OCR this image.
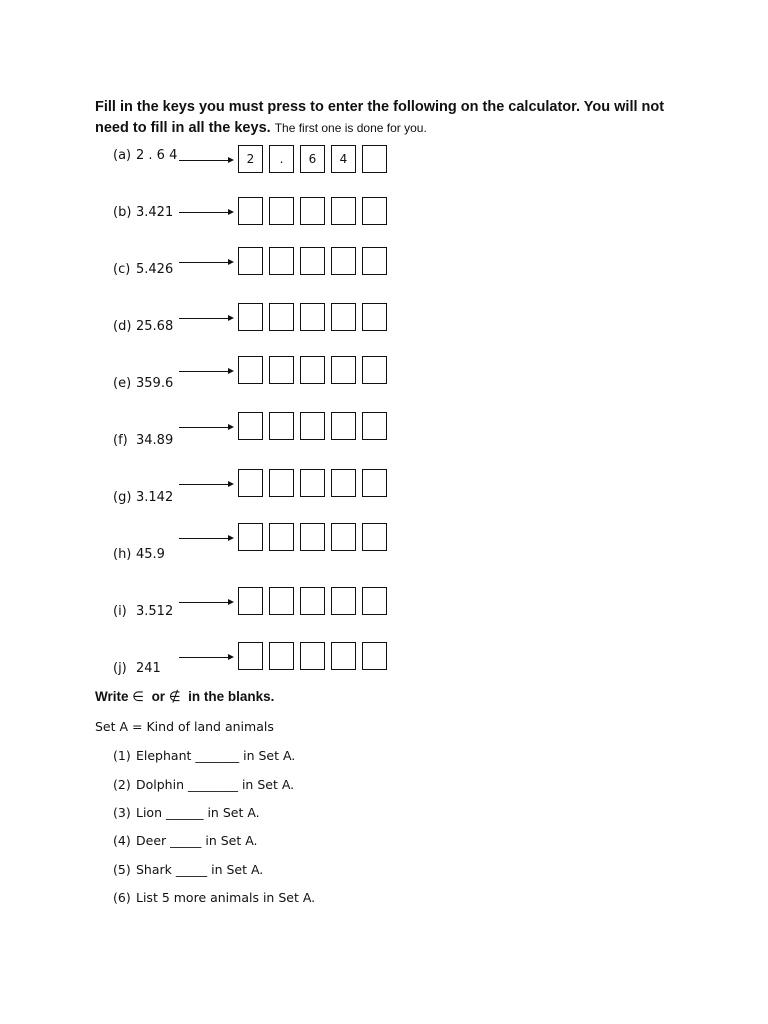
Fill in the keys you must press to enter the following on the calculator. You will not need to fill in all the keys. The first one is done for you.
(a) 2 . 6 4	2	.	6	4
(b) 3.421
(c) 5.426
(d) 25.68
(e) 359.6
(f) 34.89
(g) 3.142
(h) 45.9
(i) 3.512
(j) 241
Write ∈ or ∉ in the blanks.
Set A = Kind of land animals
(1) Elephant _______ in Set A.
(2) Dolphin ________ in Set A.
(3) Lion ______ in Set A.
(4) Deer _____ in Set A.
(5) Shark _____ in Set A.
(6) List 5 more animals in Set A.
